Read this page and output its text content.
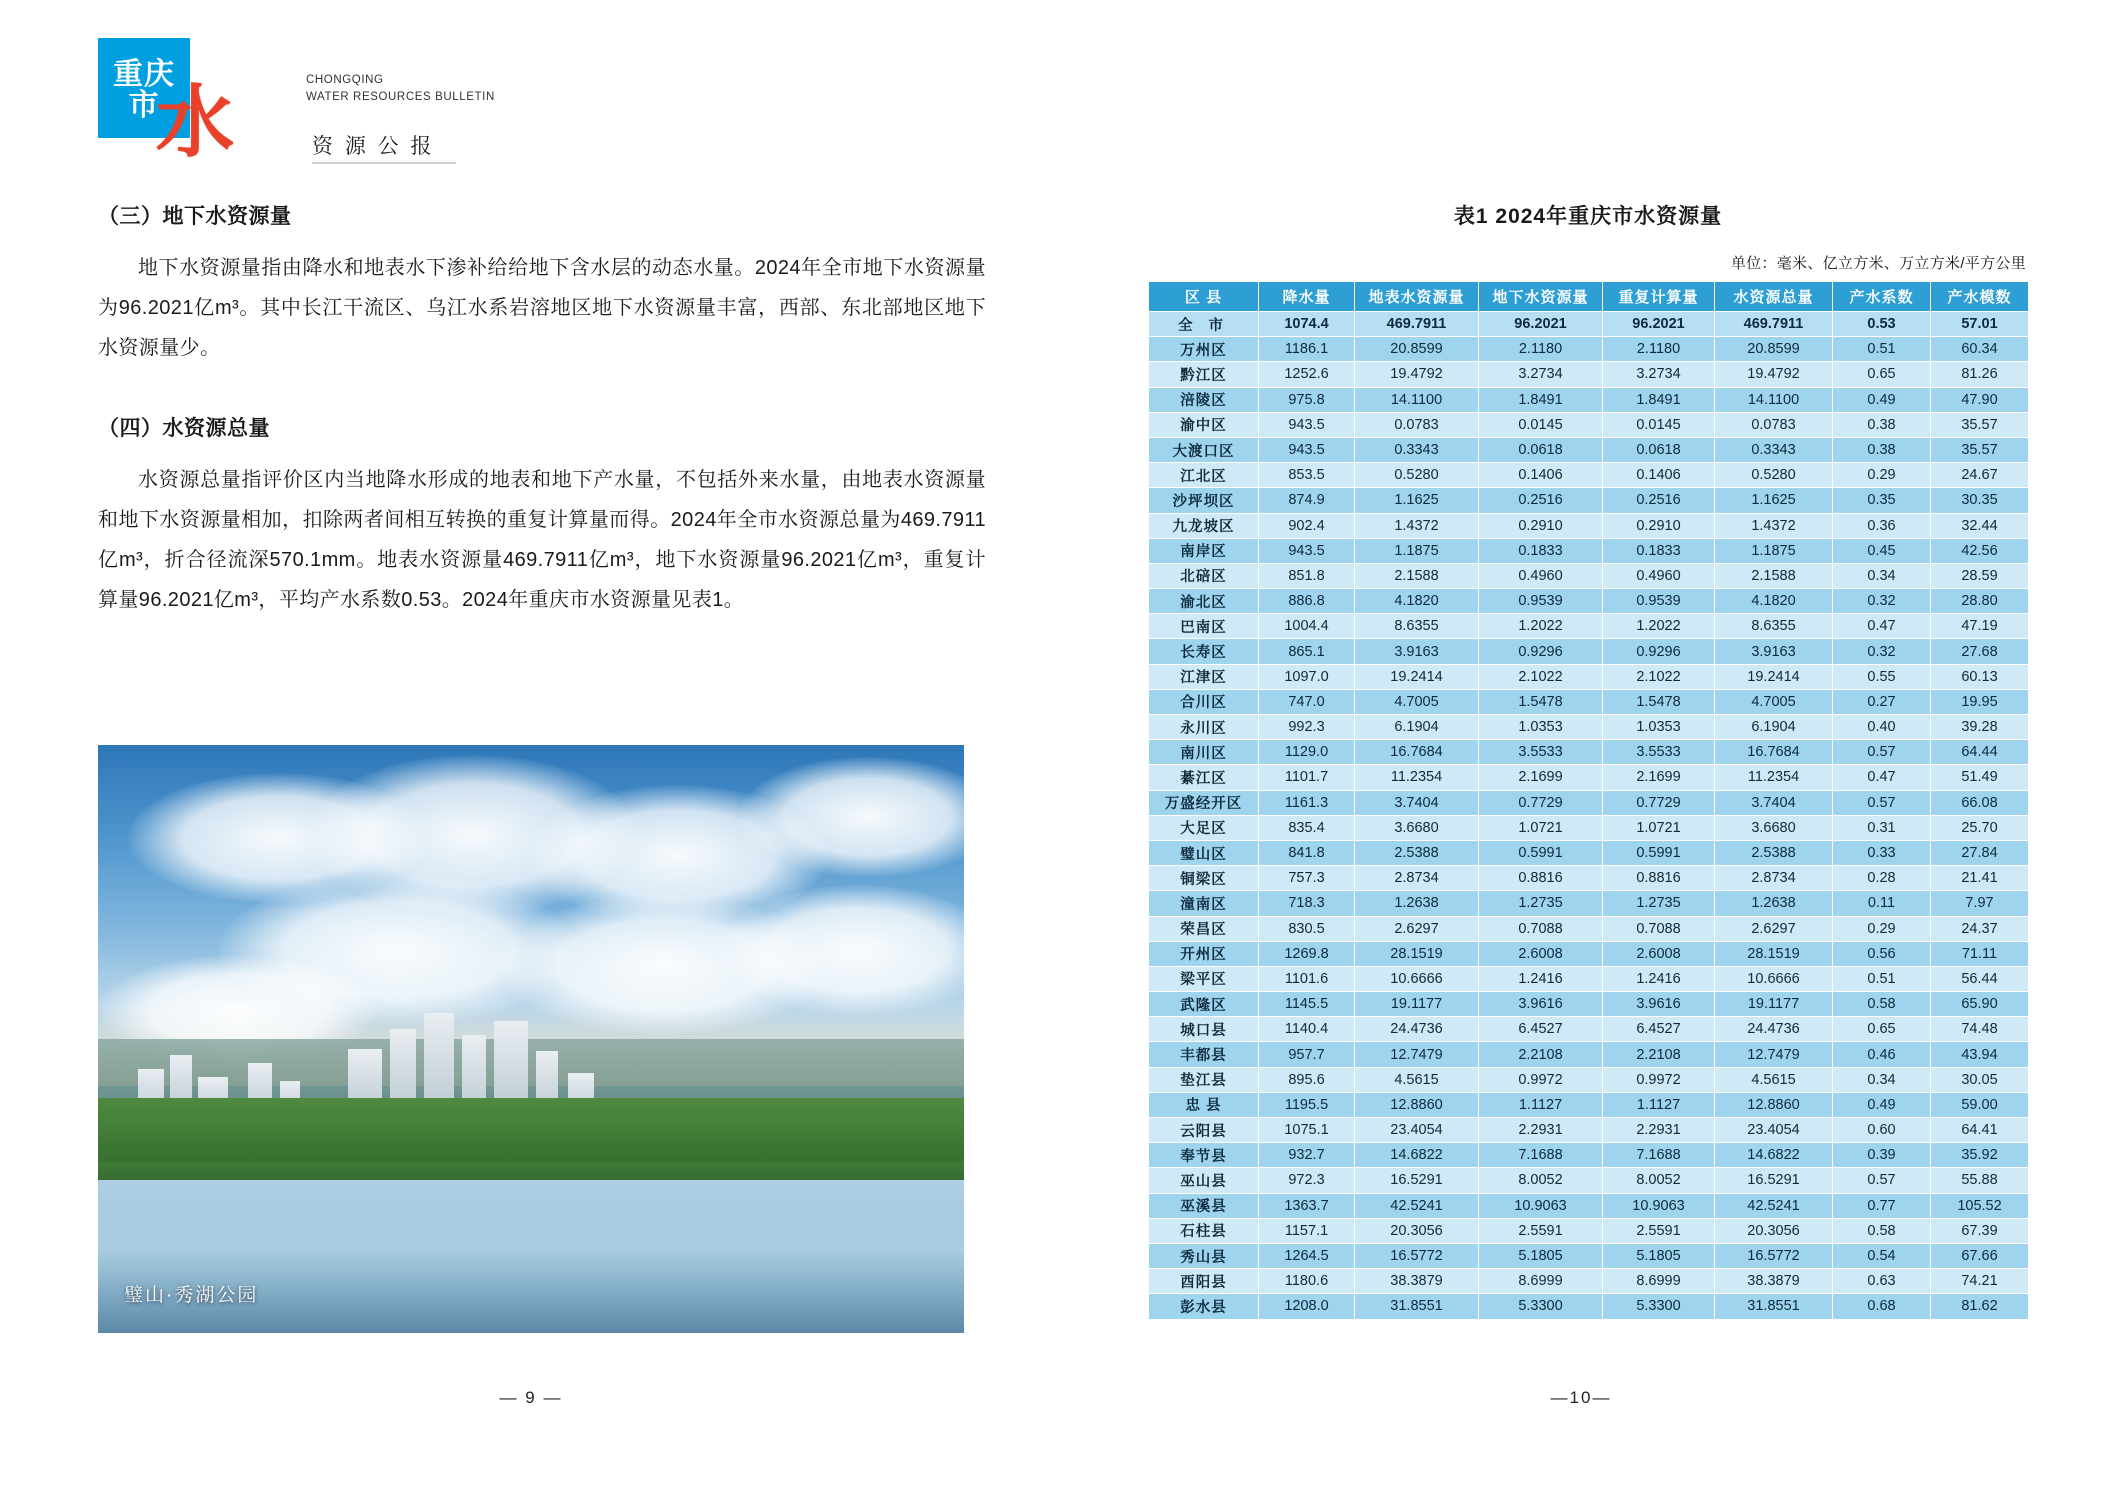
重庆
市
水	CHONGQING
WATER RESOURCES BULLETIN
资 源 公 报
（三）地下水资源量

地下水资源量指由降水和地表水下渗补给给地下含水层的动态水量。2024年全市地下水资源量为96.2021亿m³。其中长江干流区、乌江水系岩溶地区地下水资源量丰富，西部、东北部地区地下水资源量少。

（四）水资源总量

水资源总量指评价区内当地降水形成的地表和地下产水量，不包括外来水量，由地表水资源量和地下水资源量相加，扣除两者间相互转换的重复计算量而得。2024年全市水资源总量为469.7911亿m³，折合径流深570.1mm。地表水资源量469.7911亿m³，地下水资源量96.2021亿m³，重复计算量96.2021亿m³，平均产水系数0.53。2024年重庆市水资源量见表1。

璧山·秀湖公园
— 9 —
表1 2024年重庆市水资源量
单位：毫米、亿立方米、万立方米/平方公里
区 县	降水量	地表水资源量	地下水资源量	重复计算量	水资源总量	产水系数	产水模数
全 市	1074.4	469.7911	96.2021	96.2021	469.7911	0.53	57.01
万州区	1186.1	20.8599	2.1180	2.1180	20.8599	0.51	60.34
黔江区	1252.6	19.4792	3.2734	3.2734	19.4792	0.65	81.26
涪陵区	975.8	14.1100	1.8491	1.8491	14.1100	0.49	47.90
渝中区	943.5	0.0783	0.0145	0.0145	0.0783	0.38	35.57
大渡口区	943.5	0.3343	0.0618	0.0618	0.3343	0.38	35.57
江北区	853.5	0.5280	0.1406	0.1406	0.5280	0.29	24.67
沙坪坝区	874.9	1.1625	0.2516	0.2516	1.1625	0.35	30.35
九龙坡区	902.4	1.4372	0.2910	0.2910	1.4372	0.36	32.44
南岸区	943.5	1.1875	0.1833	0.1833	1.1875	0.45	42.56
北碚区	851.8	2.1588	0.4960	0.4960	2.1588	0.34	28.59
渝北区	886.8	4.1820	0.9539	0.9539	4.1820	0.32	28.80
巴南区	1004.4	8.6355	1.2022	1.2022	8.6355	0.47	47.19
长寿区	865.1	3.9163	0.9296	0.9296	3.9163	0.32	27.68
江津区	1097.0	19.2414	2.1022	2.1022	19.2414	0.55	60.13
合川区	747.0	4.7005	1.5478	1.5478	4.7005	0.27	19.95
永川区	992.3	6.1904	1.0353	1.0353	6.1904	0.40	39.28
南川区	1129.0	16.7684	3.5533	3.5533	16.7684	0.57	64.44
綦江区	1101.7	11.2354	2.1699	2.1699	11.2354	0.47	51.49
万盛经开区	1161.3	3.7404	0.7729	0.7729	3.7404	0.57	66.08
大足区	835.4	3.6680	1.0721	1.0721	3.6680	0.31	25.70
璧山区	841.8	2.5388	0.5991	0.5991	2.5388	0.33	27.84
铜梁区	757.3	2.8734	0.8816	0.8816	2.8734	0.28	21.41
潼南区	718.3	1.2638	1.2735	1.2735	1.2638	0.11	7.97
荣昌区	830.5	2.6297	0.7088	0.7088	2.6297	0.29	24.37
开州区	1269.8	28.1519	2.6008	2.6008	28.1519	0.56	71.11
梁平区	1101.6	10.6666	1.2416	1.2416	10.6666	0.51	56.44
武隆区	1145.5	19.1177	3.9616	3.9616	19.1177	0.58	65.90
城口县	1140.4	24.4736	6.4527	6.4527	24.4736	0.65	74.48
丰都县	957.7	12.7479	2.2108	2.2108	12.7479	0.46	43.94
垫江县	895.6	4.5615	0.9972	0.9972	4.5615	0.34	30.05
忠 县	1195.5	12.8860	1.1127	1.1127	12.8860	0.49	59.00
云阳县	1075.1	23.4054	2.2931	2.2931	23.4054	0.60	64.41
奉节县	932.7	14.6822	7.1688	7.1688	14.6822	0.39	35.92
巫山县	972.3	16.5291	8.0052	8.0052	16.5291	0.57	55.88
巫溪县	1363.7	42.5241	10.9063	10.9063	42.5241	0.77	105.52
石柱县	1157.1	20.3056	2.5591	2.5591	20.3056	0.58	67.39
秀山县	1264.5	16.5772	5.1805	5.1805	16.5772	0.54	67.66
酉阳县	1180.6	38.3879	8.6999	8.6999	38.3879	0.63	74.21
彭水县	1208.0	31.8551	5.3300	5.3300	31.8551	0.68	81.62
—10—
